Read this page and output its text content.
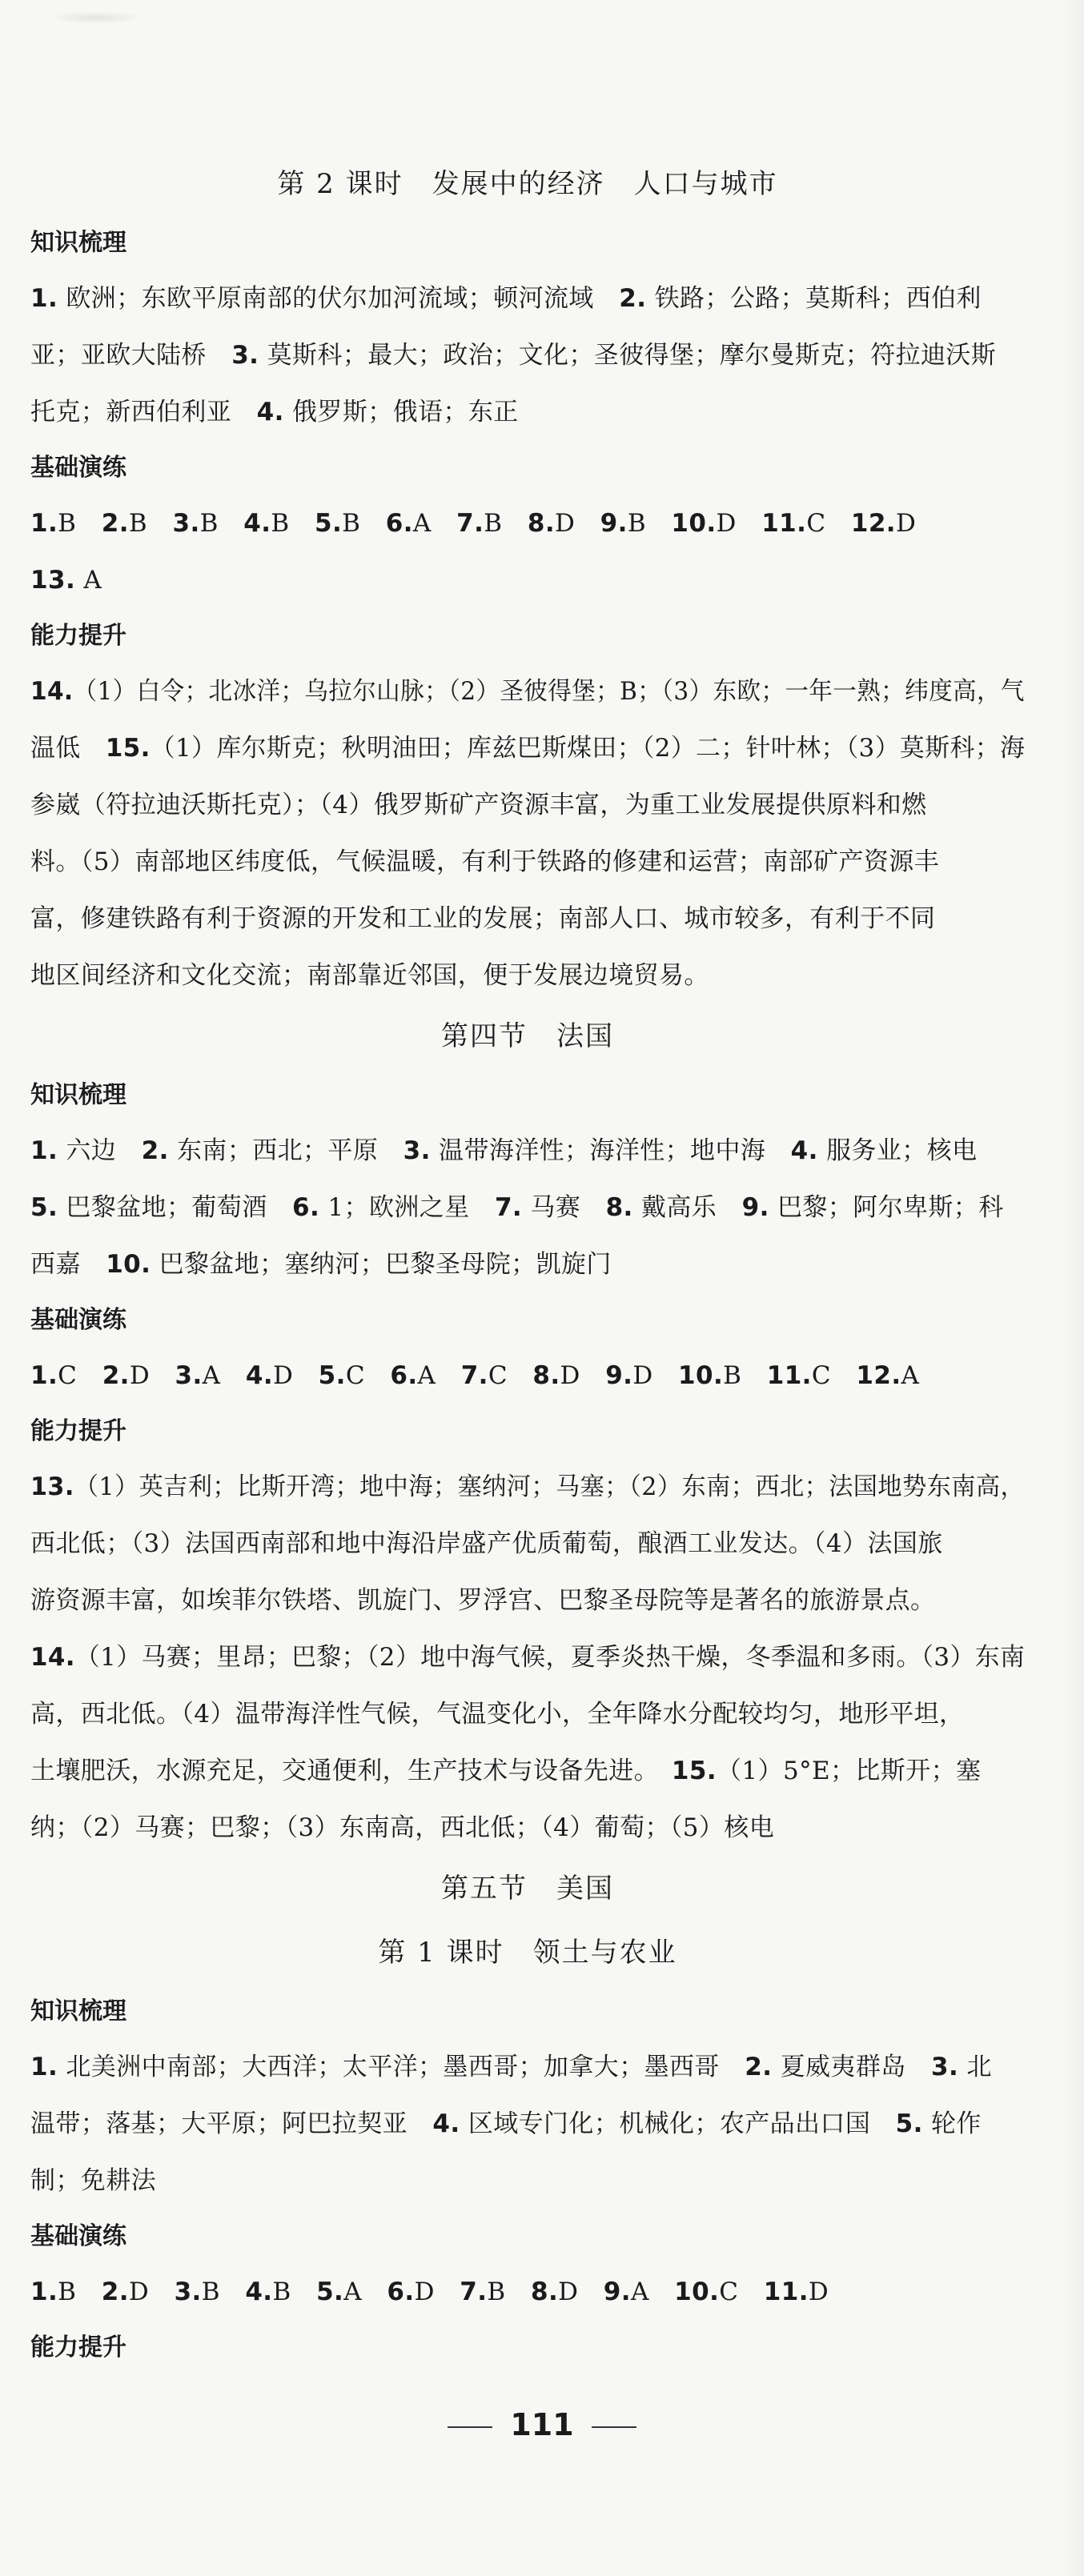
第 2 课时　发展中的经济　人口与城市
知识梳理
1. 欧洲；东欧平原南部的伏尔加河流域；顿河流域　2. 铁路；公路；莫斯科；西伯利
亚；亚欧大陆桥　3. 莫斯科；最大；政治；文化；圣彼得堡；摩尔曼斯克；符拉迪沃斯
托克；新西伯利亚　4. 俄罗斯；俄语；东正
基础演练
1.B　2.B　3.B　4.B　5.B　6.A　7.B　8.D　9.B　10.D　11.C　12.D
13. A
能力提升
14.（1）白令；北冰洋；乌拉尔山脉；（2）圣彼得堡；B；（3）东欧；一年一熟；纬度高，气
温低　15.（1）库尔斯克；秋明油田；库兹巴斯煤田；（2）二；针叶林；（3）莫斯科；海
参崴（符拉迪沃斯托克）；（4）俄罗斯矿产资源丰富，为重工业发展提供原料和燃
料。（5）南部地区纬度低，气候温暖，有利于铁路的修建和运营；南部矿产资源丰
富，修建铁路有利于资源的开发和工业的发展；南部人口、城市较多，有利于不同
地区间经济和文化交流；南部靠近邻国，便于发展边境贸易。
第四节　法国
知识梳理
1. 六边　2. 东南；西北；平原　3. 温带海洋性；海洋性；地中海　4. 服务业；核电
5. 巴黎盆地；葡萄酒　6. 1；欧洲之星　7. 马赛　8. 戴高乐　9. 巴黎；阿尔卑斯；科
西嘉　10. 巴黎盆地；塞纳河；巴黎圣母院；凯旋门
基础演练
1.C　2.D　3.A　4.D　5.C　6.A　7.C　8.D　9.D　10.B　11.C　12.A
能力提升
13.（1）英吉利；比斯开湾；地中海；塞纳河；马塞；（2）东南；西北；法国地势东南高，
西北低；（3）法国西南部和地中海沿岸盛产优质葡萄，酿酒工业发达。（4）法国旅
游资源丰富，如埃菲尔铁塔、凯旋门、罗浮宫、巴黎圣母院等是著名的旅游景点。
14.（1）马赛；里昂；巴黎；（2）地中海气候，夏季炎热干燥，冬季温和多雨。（3）东南
高，西北低。（4）温带海洋性气候，气温变化小，全年降水分配较均匀，地形平坦，
土壤肥沃，水源充足，交通便利，生产技术与设备先进。　15.（1）5°E；比斯开；塞
纳；（2）马赛；巴黎；（3）东南高，西北低；（4）葡萄；（5）核电
第五节　美国
第 1 课时　领土与农业
知识梳理
1. 北美洲中南部；大西洋；太平洋；墨西哥；加拿大；墨西哥　2. 夏威夷群岛　3. 北
温带；落基；大平原；阿巴拉契亚　4. 区域专门化；机械化；农产品出口国　5. 轮作
制；免耕法
基础演练
1.B　2.D　3.B　4.B　5.A　6.D　7.B　8.D　9.A　10.C　11.D
能力提升
111
